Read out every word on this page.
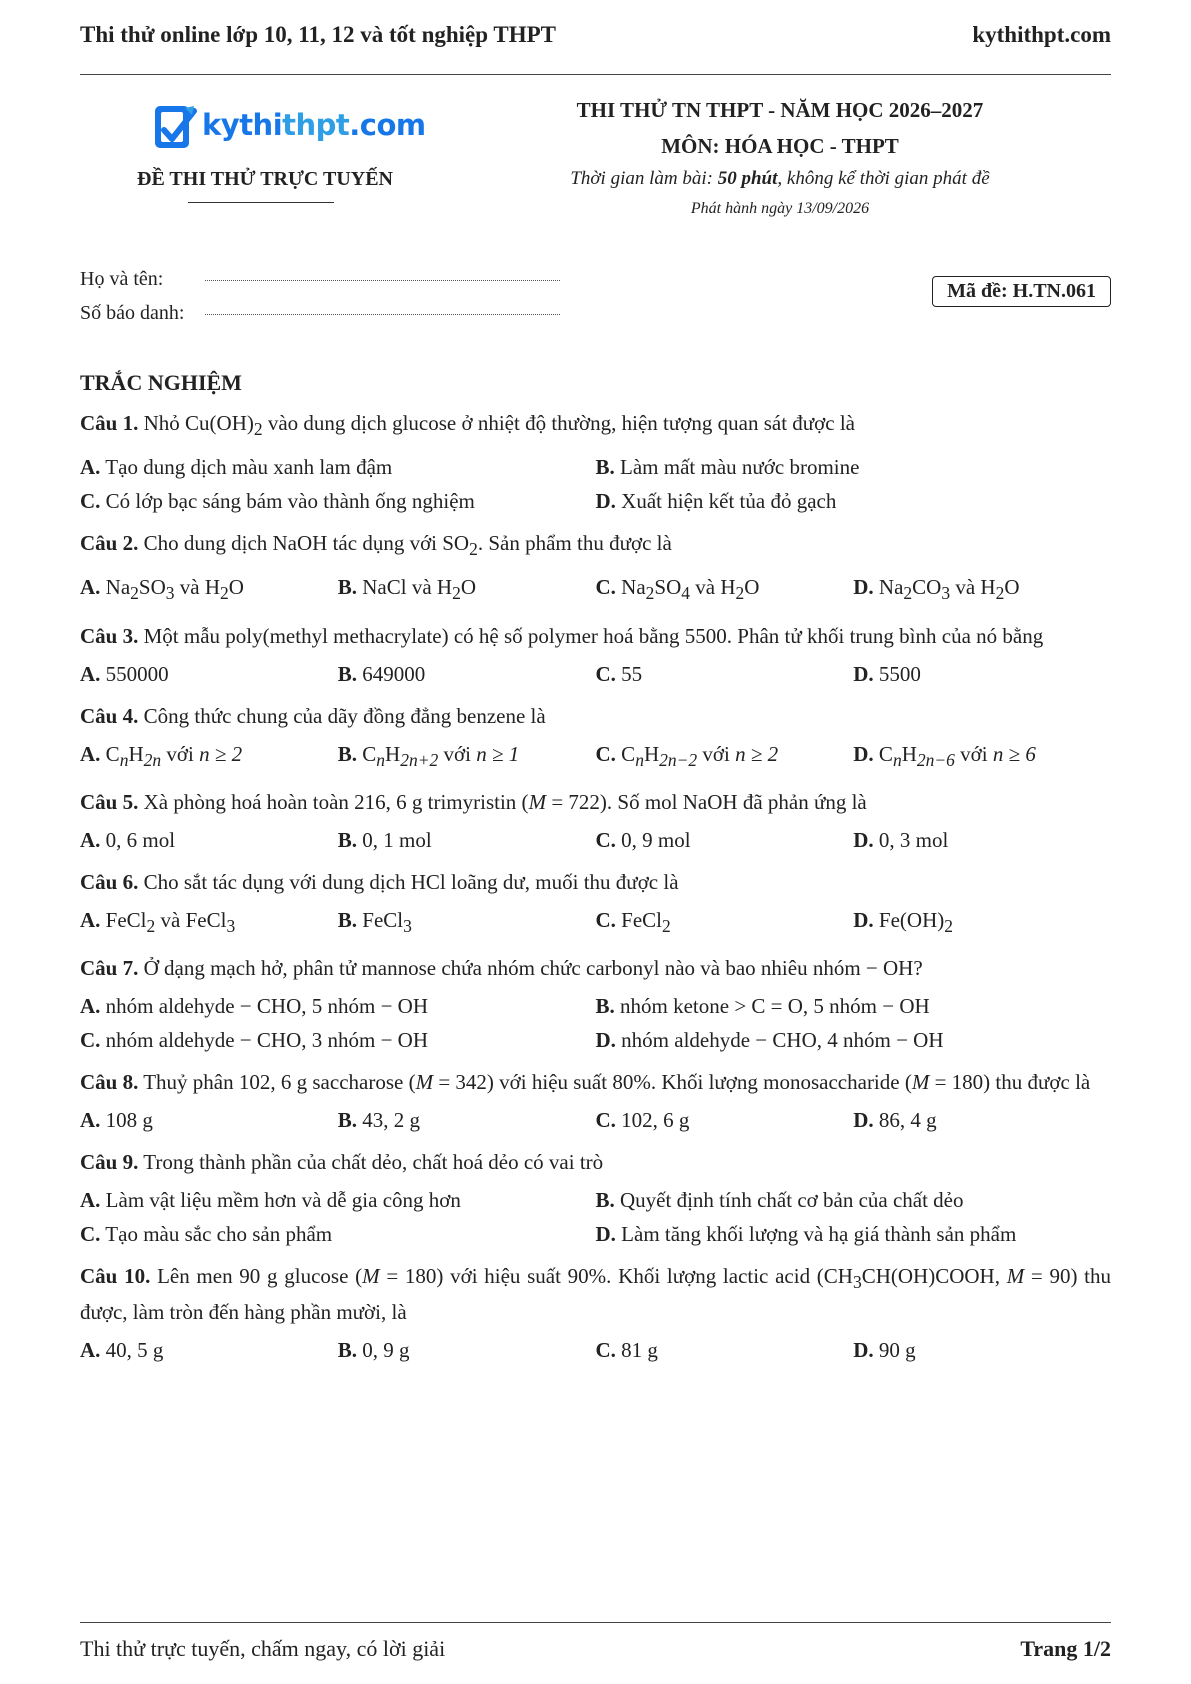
Thi thử online lớp 10, 11, 12 và tốt nghiệp THPT	kythithpt.com
kythithpt.com
ĐỀ THI THỬ TRỰC TUYẾN
THI THỬ TN THPT - NĂM HỌC 2026–2027
MÔN: HÓA HỌC - THPT
Thời gian làm bài: 50 phút, không kể thời gian phát đề
Phát hành ngày 13/09/2026
Họ và tên:
Số báo danh:
Mã đề: H.TN.061
TRẮC NGHIỆM
Câu 1. Nhỏ $Cu(OH)_2$ vào dung dịch glucose ở nhiệt độ thường, hiện tượng quan sát được là
A. Tạo dung dịch màu xanh lam đậm	B. Làm mất màu nước bromine
C. Có lớp bạc sáng bám vào thành ống nghiệm	D. Xuất hiện kết tủa đỏ gạch
Câu 2. Cho dung dịch NaOH tác dụng với $SO_2$. Sản phẩm thu được là
A. $Na_2SO_3$ và $H_2O$	B. NaCl và $H_2O$	C. $Na_2SO_4$ và $H_2O$	D. $Na_2CO_3$ và $H_2O$
Câu 3. Một mẫu poly(methyl methacrylate) có hệ số polymer hoá bằng 5500. Phân tử khối trung bình của nó bằng
A. 550000	B. 649000	C. 55	D. 5500
Câu 4. Công thức chung của dãy đồng đẳng benzene là
A. $C_nH_{2n}$ với n ≥ 2	B. $C_nH_{2n+2}$ với n ≥ 1	C. $C_nH_{2n-2}$ với n ≥ 2	D. $C_nH_{2n-6}$ với n ≥ 6
Câu 5. Xà phòng hoá hoàn toàn 216, 6 g trimyristin (M = 722). Số mol NaOH đã phản ứng là
A. 0, 6 mol	B. 0, 1 mol	C. 0, 9 mol	D. 0, 3 mol
Câu 6. Cho sắt tác dụng với dung dịch HCl loãng dư, muối thu được là
A. FeCl$_2$ và FeCl$_3$	B. FeCl$_3$	C. FeCl$_2$	D. $Fe(OH)_2$
Câu 7. Ở dạng mạch hở, phân tử mannose chứa nhóm chức carbonyl nào và bao nhiêu nhóm − OH?
A. nhóm aldehyde − CHO, 5 nhóm − OH	B. nhóm ketone > C = O, 5 nhóm − OH
C. nhóm aldehyde − CHO, 3 nhóm − OH	D. nhóm aldehyde − CHO, 4 nhóm − OH
Câu 8. Thuỷ phân 102, 6 g saccharose (M = 342) với hiệu suất 80%. Khối lượng monosaccharide (M = 180) thu được là
A. 108 g	B. 43, 2 g	C. 102, 6 g	D. 86, 4 g
Câu 9. Trong thành phần của chất dẻo, chất hoá dẻo có vai trò
A. Làm vật liệu mềm hơn và dễ gia công hơn	B. Quyết định tính chất cơ bản của chất dẻo
C. Tạo màu sắc cho sản phẩm	D. Làm tăng khối lượng và hạ giá thành sản phẩm
Câu 10. Lên men 90 g glucose (M = 180) với hiệu suất 90%. Khối lượng lactic acid ($CH_3CH(OH)COOH$, M = 90) thu được, làm tròn đến hàng phần mười, là
A. 40, 5 g	B. 0, 9 g	C. 81 g	D. 90 g
Thi thử trực tuyến, chấm ngay, có lời giải	Trang 1/2
